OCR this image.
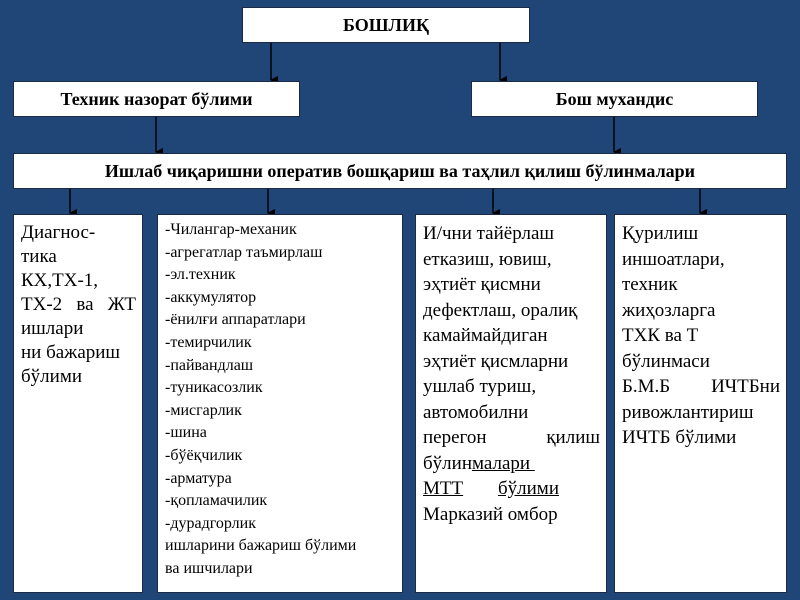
БОШЛИҚ
Техник назорат бўлими	Бош мухандис
Ишлаб чиқаришни оператив бошқариш ва таҳлил қилиш бўлинмалари
Диагнос-
тика
КХ,ТХ-1,
ТХ-2 ва ЖТ
ишлари
ни бажариш
бўлими
-Чилангар-механик
-агрегатлар таъмирлаш
-эл.техник
-аккумулятор
-ёнилғи аппаратлари
-темирчилик
-пайвандлаш
-туникасозлик
-мисгарлик
-шина
-бўёқчилик
-арматура
-қопламачилик
-дурадгорлик
ишларини бажариш бўлими
ва ишчилари
И/чни тайёрлаш
етказиш, ювиш,
эҳтиёт қисмни
дефектлаш, оралиқ
камаймайдиган
эҳтиёт қисмларни
ушлаб туриш,
автомобилни
перегон	қилиш
бўлинмалари
МТТ бўлими
Марказий омбор
Қурилиш
иншоатлари,
техник
жиҳозларга
ТХК ва Т
бўлинмаси
Б.М.Б ИЧТБни
ривожлантириш
ИЧТБ бўлими
